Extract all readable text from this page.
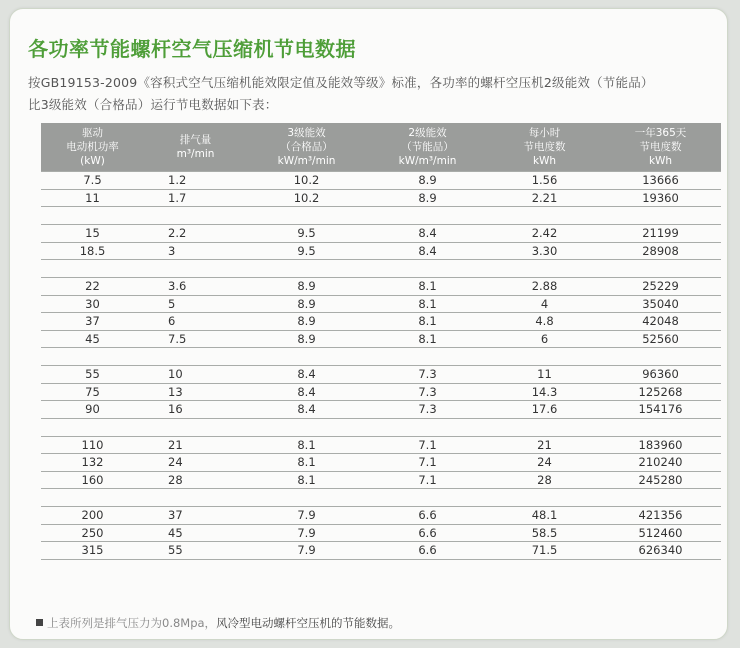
各功率节能螺杆空气压缩机节电数据

按GB19153-2009《容积式空气压缩机能效限定值及能效等级》标准，各功率的螺杆空压机2级能效（节能品）

比3级能效（合格品）运行节电数据如下表：

驱动
电动机功率
(kW)	排气量
m³/min	3级能效
（合格品）
kW/m³/min	2级能效
（节能品）
kW/m³/min	每小时
节电度数
kWh	一年365天
节电度数
kWh

7.5	1.2	10.2	8.9	1.56	13666
11	1.7	10.2	8.9	2.21	19360

15	2.2	9.5	8.4	2.42	21199
18.5	3	9.5	8.4	3.30	28908

22	3.6	8.9	8.1	2.88	25229
30	5	8.9	8.1	4	35040
37	6	8.9	8.1	4.8	42048
45	7.5	8.9	8.1	6	52560

55	10	8.4	7.3	11	96360
75	13	8.4	7.3	14.3	125268
90	16	8.4	7.3	17.6	154176

110	21	8.1	7.1	21	183960
132	24	8.1	7.1	24	210240
160	28	8.1	7.1	28	245280

200	37	7.9	6.6	48.1	421356
250	45	7.9	6.6	58.5	512460
315	55	7.9	6.6	71.5	626340
上表所列是排气压力为0.8Mpa，风冷型电动螺杆空压机的节能数据。
